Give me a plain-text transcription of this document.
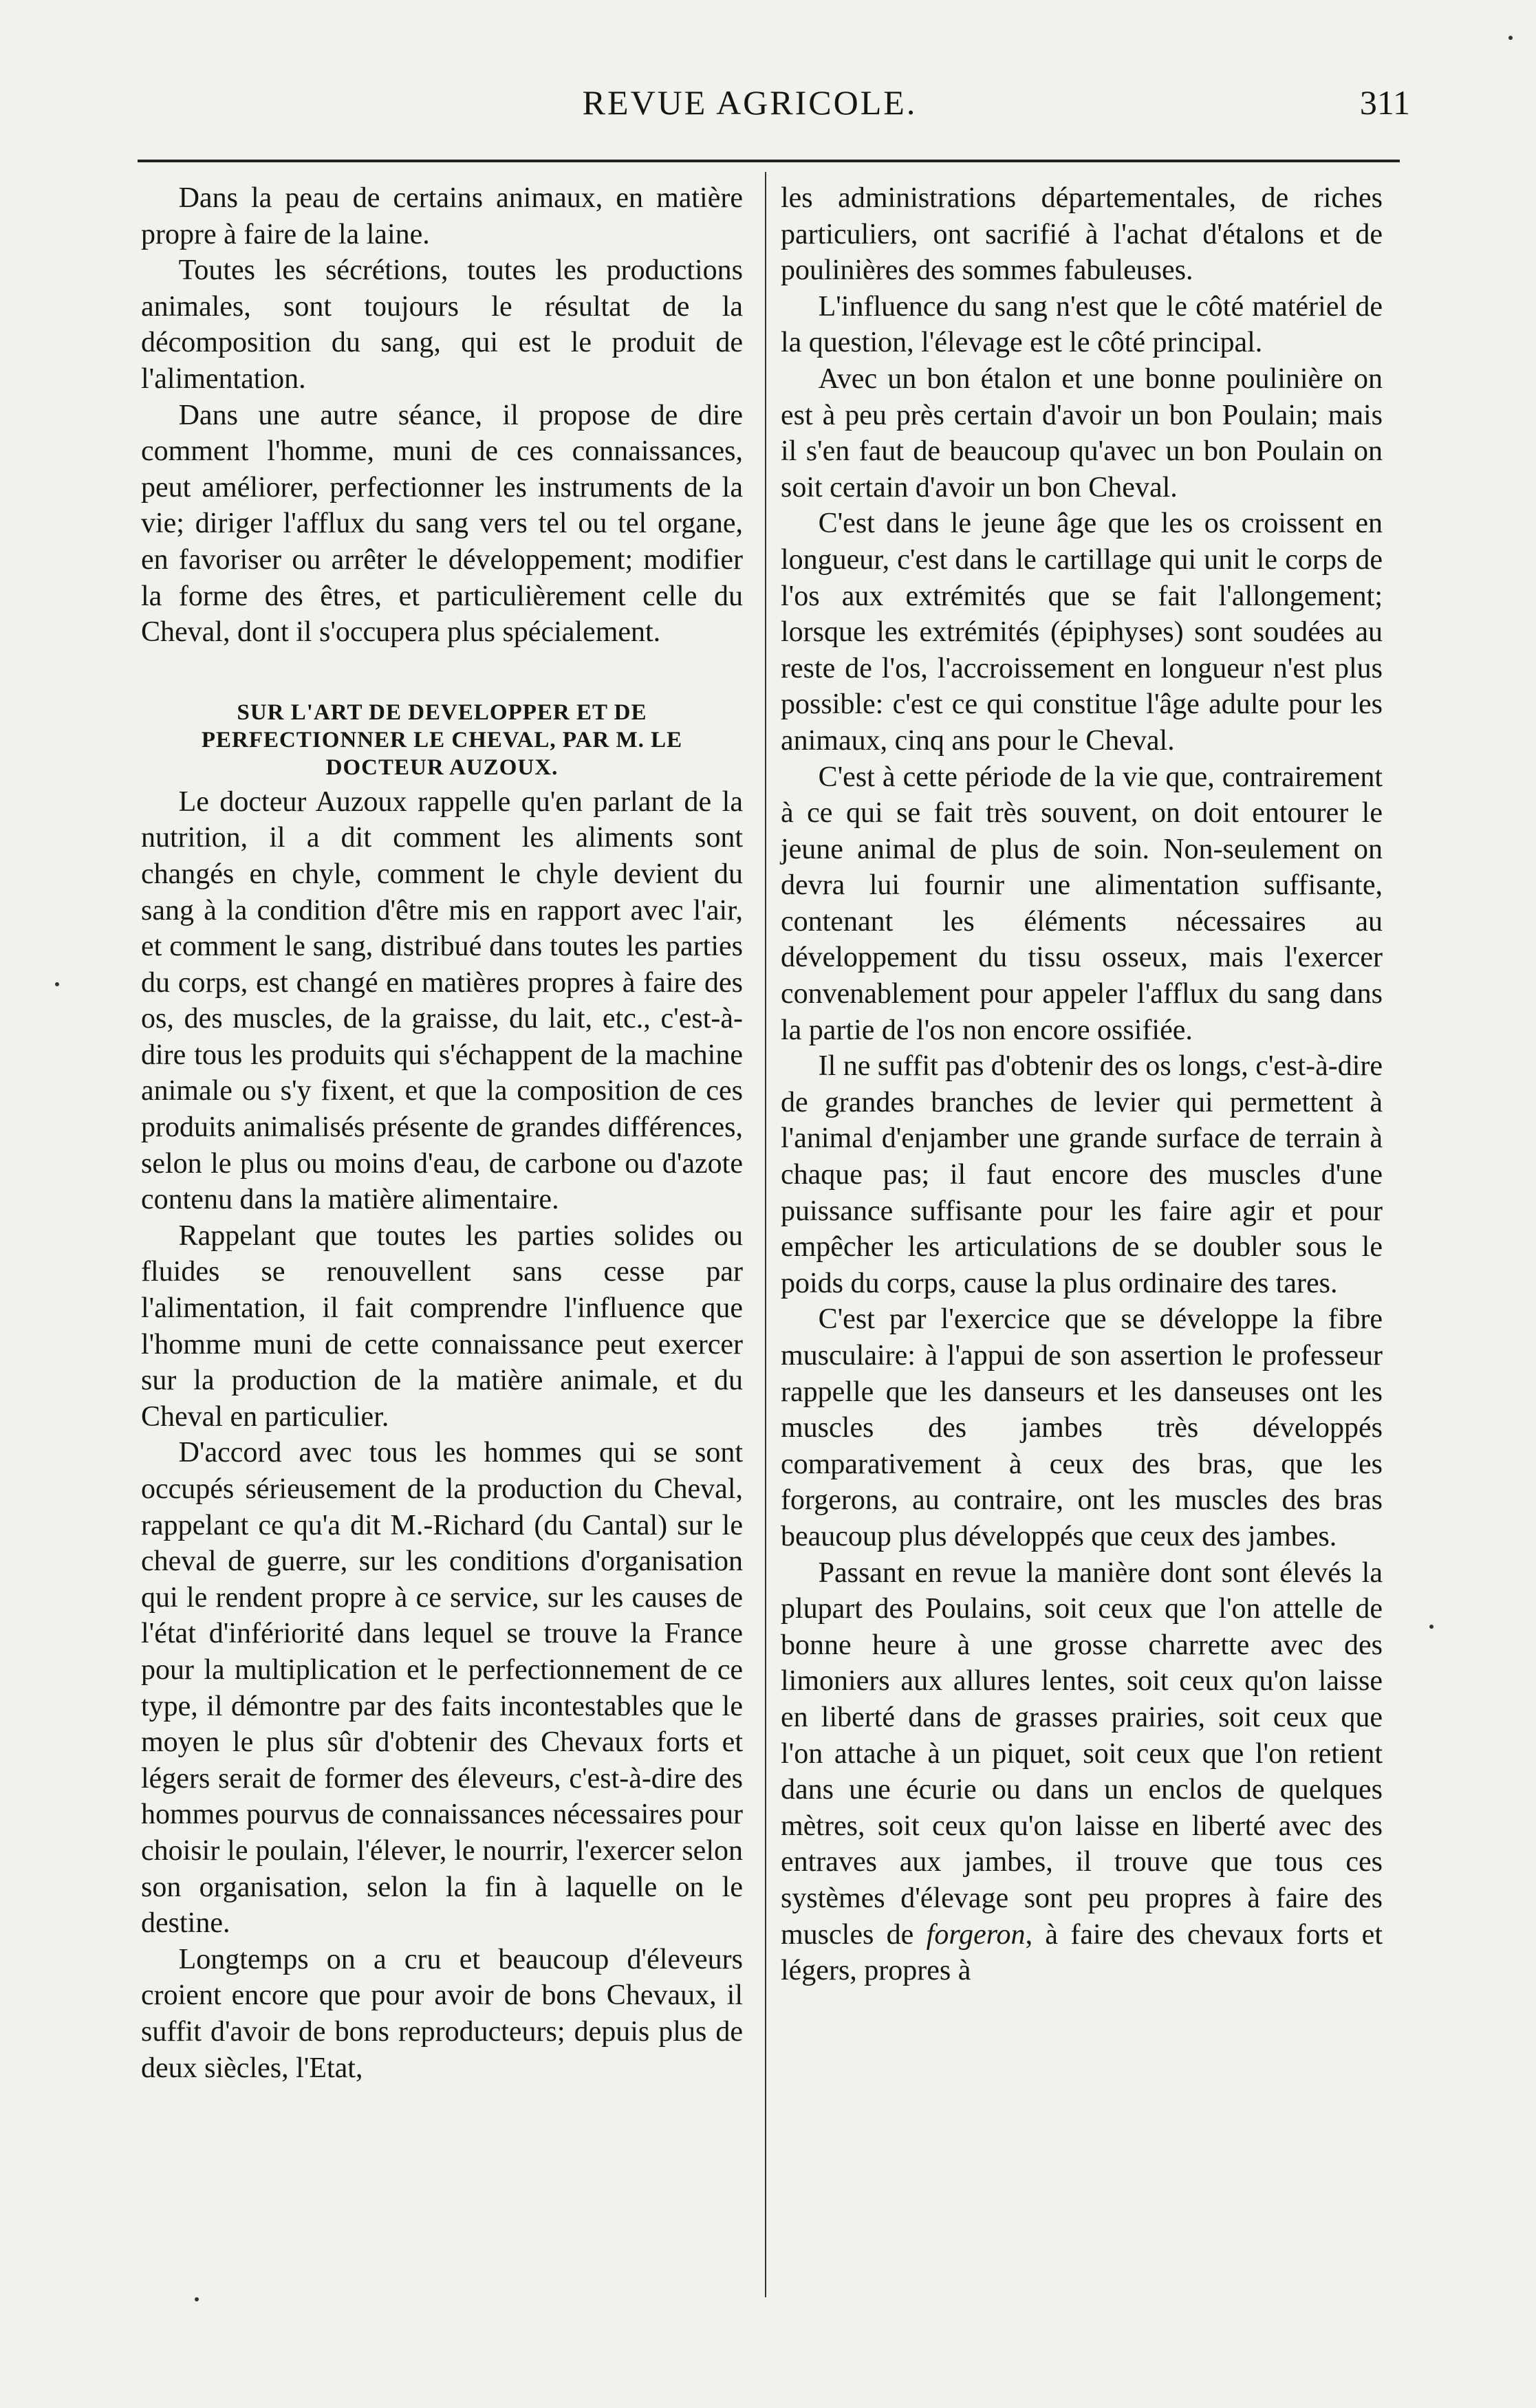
REVUE AGRICOLE.	311

Dans la peau de certains animaux, en matière propre à faire de la laine.

Toutes les sécrétions, toutes les productions animales, sont toujours le résultat de la décomposition du sang, qui est le produit de l'alimentation.

Dans une autre séance, il propose de dire comment l'homme, muni de ces connaissances, peut améliorer, perfectionner les instruments de la vie; diriger l'afflux du sang vers tel ou tel organe, en favoriser ou arrêter le développement; modifier la forme des êtres, et particulièrement celle du Cheval, dont il s'occupera plus spécialement.

SUR L'ART DE DEVELOPPER ET DE PERFECTIONNER LE CHEVAL, PAR M. LE DOCTEUR AUZOUX.

Le docteur Auzoux rappelle qu'en parlant de la nutrition, il a dit comment les aliments sont changés en chyle, comment le chyle devient du sang à la condition d'être mis en rapport avec l'air, et comment le sang, distribué dans toutes les parties du corps, est changé en matières propres à faire des os, des muscles, de la graisse, du lait, etc., c'est-à-dire tous les produits qui s'échappent de la machine animale ou s'y fixent, et que la composition de ces produits animalisés présente de grandes différences, selon le plus ou moins d'eau, de carbone ou d'azote contenu dans la matière alimentaire.

Rappelant que toutes les parties solides ou fluides se renouvellent sans cesse par l'alimentation, il fait comprendre l'influence que l'homme muni de cette connaissance peut exercer sur la production de la matière animale, et du Cheval en particulier.

D'accord avec tous les hommes qui se sont occupés sérieusement de la production du Cheval, rappelant ce qu'a dit M.-Richard (du Cantal) sur le cheval de guerre, sur les conditions d'organisation qui le rendent propre à ce service, sur les causes de l'état d'infériorité dans lequel se trouve la France pour la multiplication et le perfectionnement de ce type, il démontre par des faits incontestables que le moyen le plus sûr d'obtenir des Chevaux forts et légers serait de former des éleveurs, c'est-à-dire des hommes pourvus de connaissances nécessaires pour choisir le poulain, l'élever, le nourrir, l'exercer selon son organisation, selon la fin à laquelle on le destine.

Longtemps on a cru et beaucoup d'éleveurs croient encore que pour avoir de bons Chevaux, il suffit d'avoir de bons reproducteurs; depuis plus de deux siècles, l'Etat,

les administrations départementales, de riches particuliers, ont sacrifié à l'achat d'étalons et de poulinières des sommes fabuleuses.

L'influence du sang n'est que le côté matériel de la question, l'élevage est le côté principal.

Avec un bon étalon et une bonne poulinière on est à peu près certain d'avoir un bon Poulain; mais il s'en faut de beaucoup qu'avec un bon Poulain on soit certain d'avoir un bon Cheval.

C'est dans le jeune âge que les os croissent en longueur, c'est dans le cartillage qui unit le corps de l'os aux extrémités que se fait l'allongement; lorsque les extrémités (épiphyses) sont soudées au reste de l'os, l'accroissement en longueur n'est plus possible: c'est ce qui constitue l'âge adulte pour les animaux, cinq ans pour le Cheval.

C'est à cette période de la vie que, contrairement à ce qui se fait très souvent, on doit entourer le jeune animal de plus de soin. Non-seulement on devra lui fournir une alimentation suffisante, contenant les éléments nécessaires au développement du tissu osseux, mais l'exercer convenablement pour appeler l'afflux du sang dans la partie de l'os non encore ossifiée.

Il ne suffit pas d'obtenir des os longs, c'est-à-dire de grandes branches de levier qui permettent à l'animal d'enjamber une grande surface de terrain à chaque pas; il faut encore des muscles d'une puissance suffisante pour les faire agir et pour empêcher les articulations de se doubler sous le poids du corps, cause la plus ordinaire des tares.

C'est par l'exercice que se développe la fibre musculaire: à l'appui de son assertion le professeur rappelle que les danseurs et les danseuses ont les muscles des jambes très développés comparativement à ceux des bras, que les forgerons, au contraire, ont les muscles des bras beaucoup plus développés que ceux des jambes.

Passant en revue la manière dont sont élevés la plupart des Poulains, soit ceux que l'on attelle de bonne heure à une grosse charrette avec des limoniers aux allures lentes, soit ceux qu'on laisse en liberté dans de grasses prairies, soit ceux que l'on attache à un piquet, soit ceux que l'on retient dans une écurie ou dans un enclos de quelques mètres, soit ceux qu'on laisse en liberté avec des entraves aux jambes, il trouve que tous ces systèmes d'élevage sont peu propres à faire des muscles de forgeron, à faire des chevaux forts et légers, propres à
